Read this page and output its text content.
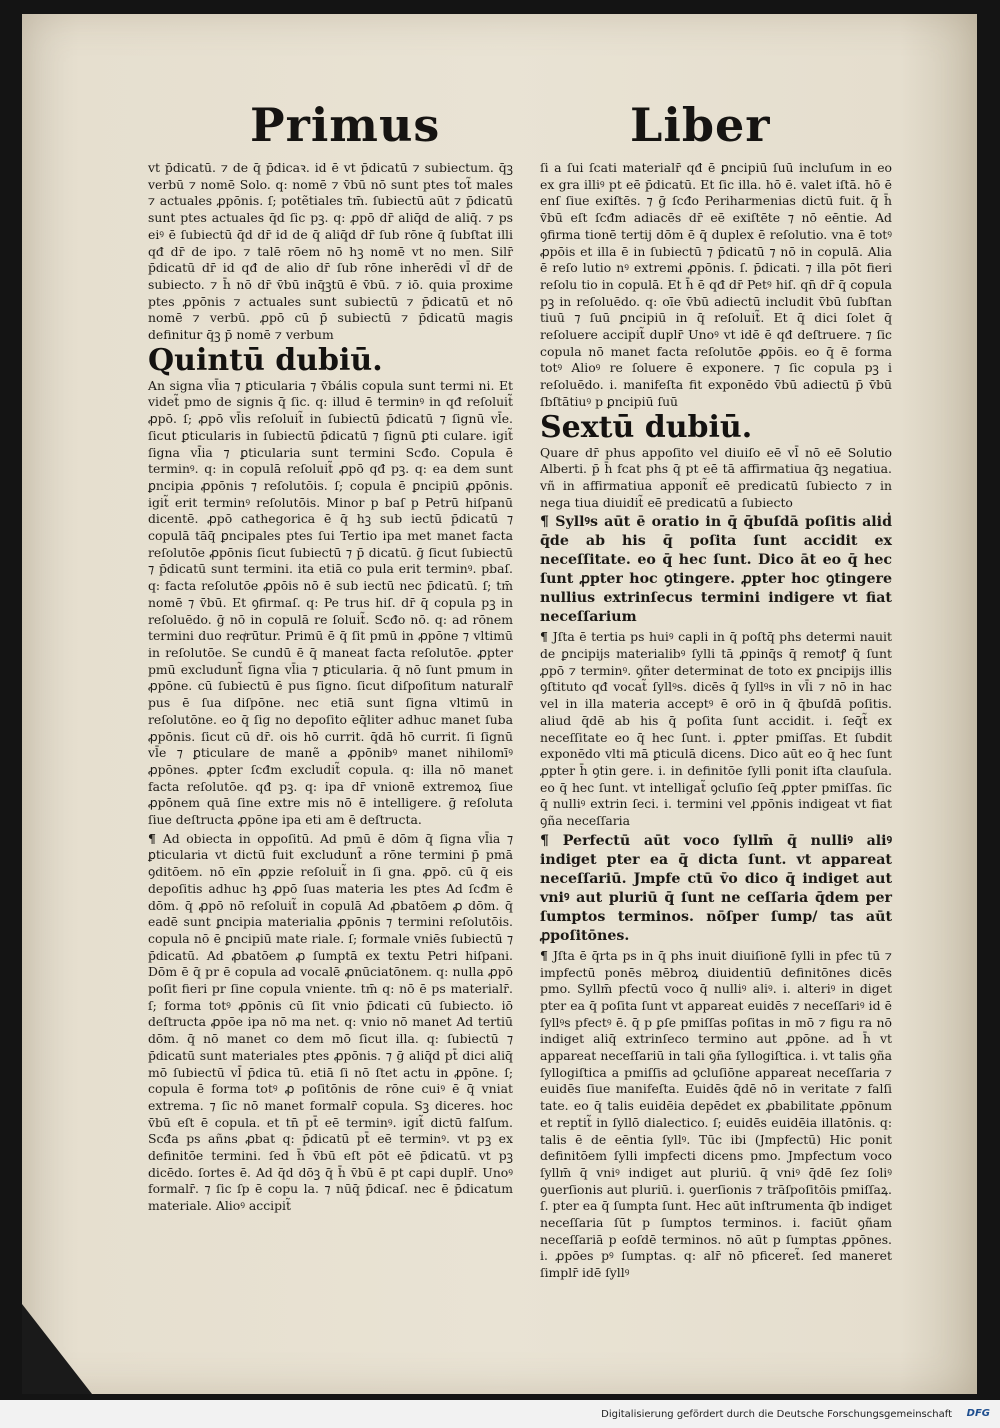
Primus	Liber

vt p̄dicatū. ⁊ de q̄ p̄dicaꝛ. id ē vt p̄dicatū ⁊ subiectum. q̄ꝫ verbū ⁊ nomē Solo. q: nomē ⁊ v̄bū nō sunt ptes tot̃ males ⁊ actuales ꝓpōnis. ſ; potẽtiales tm̄. ſubiectū aūt ⁊ p̄dicatū sunt ptes actuales q̄d ſic pꝫ. q: ꝓpō dr̄ aliq̄d de aliq̄. ⁊ ps eiꝰ ē ſubiectū q̄d dr̄ id de q̄ aliq̄d dr̄ ſub rōne q̄ ſubſtat illi qđ dr̄ de ipo. ⁊ talē rōem nō hꝫ nomē vt no men. Silr̄ p̄dicatū dr̄ id qđ de alio dr̄ ſub rōne inherēdi vl̄ dr̄ de subiecto. ⁊ h̄ nō dr̄ v̄bū inq̄ꝫtū ē v̄bū. ⁊ iō. quia proxime ptes ꝓpōnis ⁊ actuales sunt subiectū ⁊ p̄dicatū et nō nomē ⁊ verbū. ꝓpō cū p̄ subiectū ⁊ p̄dicatū magis definitur q̄ꝫ p̄ nomē ⁊ verbum

Quintū dubiū.

An signa vl̄ia ⁊ ꝑticularia ⁊ v̄bális copula sunt termi ni. Et videt̃ pmo de signis q̄ ſic. q: illud ē terminꝰ in qđ reſoluit̃ ꝓpō. ſ; ꝓpō vl̄is reſoluit̃ in ſubiectū p̄dicatū ⁊ ſignū vl̄e. ſicut ꝑticularis in ſubiectū p̄dicatū ⁊ ſignū ꝑti culare. igit̃ ſigna vl̄ia ⁊ ꝑticularia sunt termini Scđo. Copula ē terminꝰ. q: in copulā reſoluit̃ ꝓpō qđ pꝫ. q: ea dem sunt ꝑncipia ꝓpōnis ⁊ reſolutōis. ſ; copula ē ꝑncipiū ꝓpōnis. igit̃ erit terminꝰ reſolutōis. Minor p baſ p Petrū hiſpanū dicentē. ꝓpō cathegorica ē q̄ hꝫ sub iectū p̄dicatū ⁊ copulā tāq̄ ꝑncipales ptes ſui Tertio ipa met manet facta reſolutōe ꝓpōnis ſicut ſubiectū ⁊ p̄ dicatū. ḡ ſicut ſubiectū ⁊ p̄dicatū sunt termini. ita etiā co pula erit terminꝰ. pbaſ. q: facta reſolutōe ꝓpōis nō ē sub iectū nec p̄dicatū. ſ; tm̄ nomē ⁊ v̄bū. Et ꝯfirmaſ. q: Pe trus hiſ. dr̄ q̄ copula pꝫ in reſoluēdo. ḡ nō in copulā re ſoluit̃. Scđo nō. q: ad rōnem termini duo reqͥrūtur. Primū ē q̄ ſit pmū in ꝓpōne ⁊ vltimū in reſolutōe. Se cundū ē q̄ maneat facta reſolutōe. ꝓpter pmū excludunt̃ ſigna vl̄ia ⁊ ꝑticularia. q̄ nō ſunt pmum in ꝓpōne. cū ſubiectū ē pus ſigno. ſicut diſpoſitum naturalr̄ pus ē ſua diſpōne. nec etiā sunt ſigna vltimū in reſolutōne. eo q̄ ſig no depoſito eq̄liter adhuc manet ſuba ꝓpōnis. ſicut cū dr̄. ois hō currit. q̄dā hō currit. ſi ſignū vl̄e ⁊ ꝑticulare de manẽ a ꝓpōnibꝰ manet nihilomīꝰ ꝓpōnes. ꝓpter ſcđm excludit̃ copula. q: illa nō manet facta reſolutōe. qđ pꝫ. q: ipa dr̄ vnionē extremoꝝ ſiue ꝓpōnem quā ſine extre mis nō ē intelligere. ḡ reſoluta ſiue deſtructa ꝓpōne ipa eti am ē deſtructa.

¶ Ad obiecta in oppoſitū. Ad pmū ē dōm q̄ ſigna vl̄ia ⁊ ꝑticularia vt dictū fuit excludunt̃ a rōne termini p̄ pmā ꝯditōem. nō eīn ꝓpzie reſoluit̃ in ſi gna. ꝓpō. cū q̄ eis depoſitis adhuc hꝫ ꝓpō ſuas materia les ptes Ad ſcđm ē dōm. q̄ ꝓpō nō reſoluit̃ in copulā Ad ꝓbatōem ꝓ dōm. q̄ eadē sunt ꝑncipia materialia ꝓpōnis ⁊ termini reſolutōis. copula nō ē ꝑncipiū mate riale. ſ; formale vniēs ſubiectū ⁊ p̄dicatū. Ad ꝓbatōem ꝓ ſumptā ex textu Petri hiſpani. Dōm ē q̄ pr ē copula ad vocalē ꝓnūciatōnem. q: nulla ꝓpō poſit fieri pr ſine copula vniente. tm̄ q: nō ē ps materialr̄. ſ; forma totꝰ ꝓpōnis cū ſit vnio p̄dicati cū ſubiecto. iō deſtructa ꝓpōe ipa nō ma net. q: vnio nō manet Ad tertiū dōm. q̄ nō manet co dem mō ſicut illa. q: ſubiectū ⁊ p̄dicatū sunt materiales ptes ꝓpōnis. ⁊ ḡ aliq̄d pt̄ dici aliq̄ mō ſubiectū vl̄ p̄dica tū. etiā ſi nō ſtet actu in ꝓpōne. ſ; copula ē forma totꝰ ꝓ poſitōnis de rōne cuiꝰ ē q̄ vniat extrema. ⁊ ſic nō manet formalr̄ copula. Sꝫ diceres. hoc v̄bū eſt ē copula. et tn̄ pt̄ eē terminꝰ. igit̃ dictū falſum. Scđa ps añns ꝓbat q: p̄dicatū pt̄ eē terminꝰ. vt pꝫ ex definitōe termini. ſed h̄ v̄bū eſt pōt eē p̄dicatū. vt pꝫ dicēdo. ſortes ē. Ad q̄d dōꝫ q̄ h̄ v̄bū ē pt capi duplr̄. Unoꝰ formalr̄. ⁊ ſic ſp ē copu la. ⁊ nūq̄ p̄dicaſ. nec ē p̄dicatum materiale. Alioꝰ accipit̃

ſi a ſui ſcati materialr̄ qđ ē ꝑncipiū ſuū incluſum in eo ex gra illiꝰ pt eē p̄dicatū. Et ſic illa. hō ē. valet iſtā. hō ē enſ ſiue exiſtēs. ⁊ ḡ ſcđo Periharmenias dictū fuit. q̄ h̄ v̄bū eſt ſcđm adiacēs dr̄ eē exiſtēte ⁊ nō eēntie. Ad ꝯfirma tionē tertij dōm ē q̄ duplex ē reſolutio. vna ē totꝰ ꝓpōis et illa ē in ſubiectū ⁊ p̄dicatū ⁊ nō in copulā. Alia ē reſo lutio nꝰ extremi ꝓpōnis. ſ. p̄dicati. ⁊ illa pōt fieri reſolu tio in copulā. Et h̄ ē qđ dr̄ Petꝰ hiſ. qn̄ dr̄ q̄ copula pꝫ in reſoluēdo. q: oīe v̄bū adiectū includit v̄bū ſubſtan tiuū ⁊ ſuū ꝑncipiū in q̄ reſoluit̃. Et q̄ dici ſolet q̄ reſoluere accipit̃ duplr̄ Unoꝰ vt idē ē qđ deſtruere. ⁊ ſic copula nō manet facta reſolutōe ꝓpōis. eo q̄ ē forma totꝰ Alioꝰ re ſoluere ē exponere. ⁊ ſic copula pꝫ i reſoluēdo. i. manifeſta fit exponēdo v̄bū adiectū p̄ v̄bū ſbſtātiuꝰ p ꝑncipiū ſuū

Sextū dubiū.

Quare dr̄ phus appoſito vel diuiſo eē vl̄ nō eē Solutio Alberti. p̄ h̄ fcat phs q̄ pt eē tā affirmatiua q̄ꝫ negatiua. vñ in affirmatiua apponit̃ eē predicatū ſubiecto ⁊ in nega tiua diuidit̃ eē predicatū a ſubiecto

¶ Syllꝰs aūt ē oratio in q̄ q̄buſdā poſitis aliḋ q̄de ab his q̄ poſita ſunt accidit ex neceſſitate. eo q̄ hec ſunt. Dico āt eo q̄ hec ſunt ꝓpter hoc ꝯtingere. ꝓpter hoc ꝯtingere nullius extrinſecus termini indigere vt fiat neceſſarium

¶ Jſta ē tertia ps huiꝰ capli in q̄ poſtq̄ phs determi nauit de ꝑncipijs materialibꝰ ſylli tā ꝓpinq̄s q̄ remotꝭ q̄ ſunt ꝓpō ⁊ terminꝰ. ꝯñter determinat de toto ex ꝑncipijs illis ꝯſtituto qđ vocat̃ ſyllꝰs. dicēs q̄ ſyllꝰs in vl̄i ⁊ nō in hac vel in illa materia acceptꝰ ē orō in q̄ q̄buſdā poſitis. aliud q̄dē ab his q̄ poſita ſunt accidit. i. ſeq̄t̃ ex neceſſitate eo q̄ hec ſunt. i. ꝓpter pmiſſas. Et ſubdit exponēdo vlti mā ꝑticulā dicens. Dico aūt eo q̄ hec ſunt ꝓpter h̄ ꝯtin gere. i. in definitōe ſylli ponit iſta clauſula. eo q̄ hec ſunt. vt intelligat̃ ꝯcluſio ſeq̄ ꝓpter pmiſſas. ſic q̄ nulliꝰ extrin ſeci. i. termini vel ꝓpōnis indigeat vt fiat ꝯña neceſſaria

¶ Perfectū aūt voco ſyllm̄ q̄ nulliꝰ aliꝰ indiget pter ea q̄ dicta ſunt. vt appareat neceſſariū. Jmpfe ctū v̄o dico q̄ indiget aut vniꝰ aut pluriū q̄ ſunt ne ceſſaria q̄dem per ſumptos terminos. nōſper ſump/ tas aūt ꝓpoſitōnes.

¶ Jſta ē q̄rta ps in q̄ phs inuit diuiſionē ſylli in pfec tū ⁊ impfectū ponēs mēbroꝝ diuidentiū definitōnes dicēs pmo. Syllm̄ pfectū voco q̄ nulliꝰ aliꝰ. i. alteriꝰ in diget pter ea q̄ poſita ſunt vt appareat euidēs ⁊ neceſſariꝰ id ē ſyllꝰs pfectꝰ ē. q̄ p ꝑſe pmiſſas poſitas in mō ⁊ figu ra nō indiget aliq̄ extrinſeco termino aut ꝓpōne. ad h̄ vt appareat neceſſariū in tali ꝯña ſyllogiſtica. i. vt talis ꝯña ſyllogiſtica a pmiſſis ad ꝯcluſiōne appareat neceſſaria ⁊ euidēs ſiue manifeſta. Euidēs q̄dē nō in veritate ⁊ falſi tate. eo q̄ talis euidēia depēdet ex ꝓbabilitate ꝓpōnum et reptit̃ in ſyllō dialectico. ſ; euidēs euidēia illatōnis. q: talis ē de eēntia ſyllꝰ. Tūc ibi (Jmpfectū) Hic ponit definitōem ſylli impfecti dicens pmo. Jmpfectum voco ſyllm̄ q̄ vniꝰ indiget aut pluriū. q̄ vniꝰ q̄dē ſez ſoliꝰ ꝯuerſionis aut pluriū. i. ꝯuerſionis ⁊ trāſpoſitōis pmiſſaꝝ. ſ. pter ea q̄ ſumpta ſunt. Hec aūt inſtrumenta q̄b indiget neceſſaria ſūt p ſumptos terminos. i. faciūt ꝯñam neceſſariā p eoſdē terminos. nō aūt p ſumptas ꝓpōnes. i. ꝓpōes pꝰ ſumptas. q: alr̄ nō pficeret̃. ſed maneret ſimplr̄ idē ſyllꝰ

Digitalisierung gefördert durch die Deutsche Forschungsgemeinschaft DFG
